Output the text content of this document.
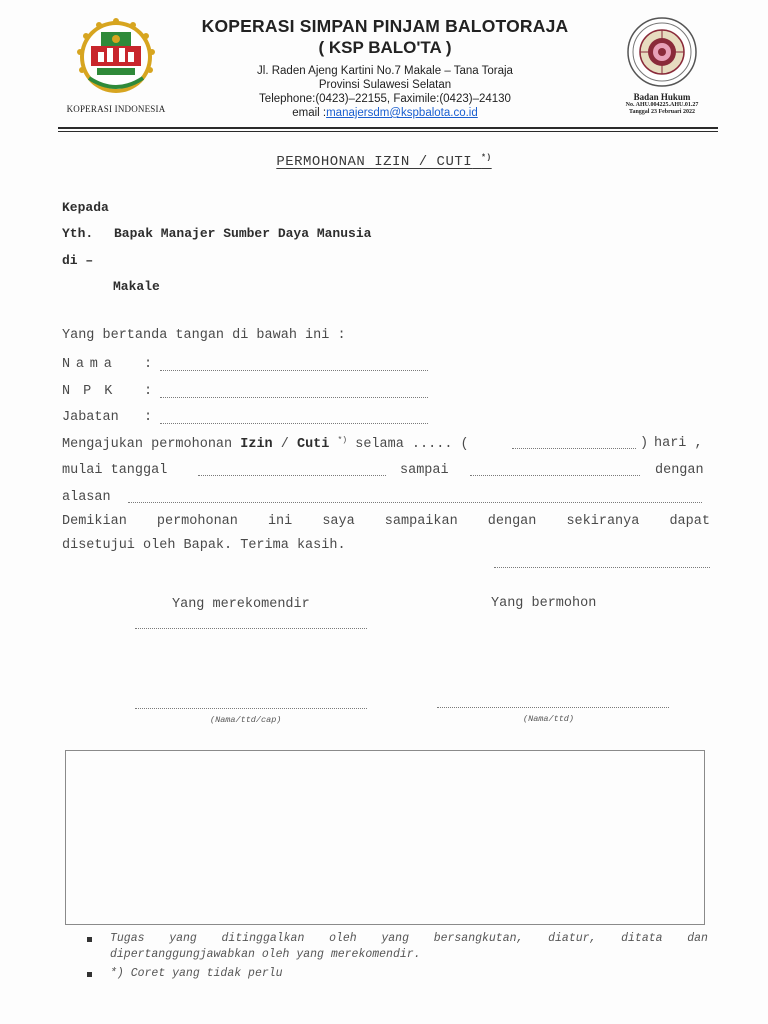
KOPERASI INDONESIA
KOPERASI SIMPAN PINJAM BALOTORAJA
( KSP BALO'TA )
Jl. Raden Ajeng Kartini No.7 Makale – Tana Toraja
Provinsi Sulawesi Selatan
Telephone:(0423)–22155, Faximile:(0423)–24130
email :manajersdm@kspbalota.co.id
Badan Hukum
No. AHU.004225.AHU.01.27
Tanggal 23 Februari 2022
PERMOHONAN IZIN / CUTI *)
Kepada
Yth. Bapak Manajer Sumber Daya Manusia
di –
Makale
Yang bertanda tangan di bawah ini :
Nama :
NPK :
Jabatan :
Mengajukan permohonan Izin / Cuti *) selama ..... (	) hari ,
mulai tanggal	sampai	dengan
alasan
Demikian permohonan ini saya sampaikan dengan sekiranya dapat
disetujui oleh Bapak. Terima kasih.
Yang merekomendir	Yang bermohon
(Nama/ttd/cap)	(Nama/ttd)
Tugas yang ditinggalkan oleh yang bersangkutan, diatur, ditata dan
dipertanggungjawabkan oleh yang merekomendir.
*) Coret yang tidak perlu
